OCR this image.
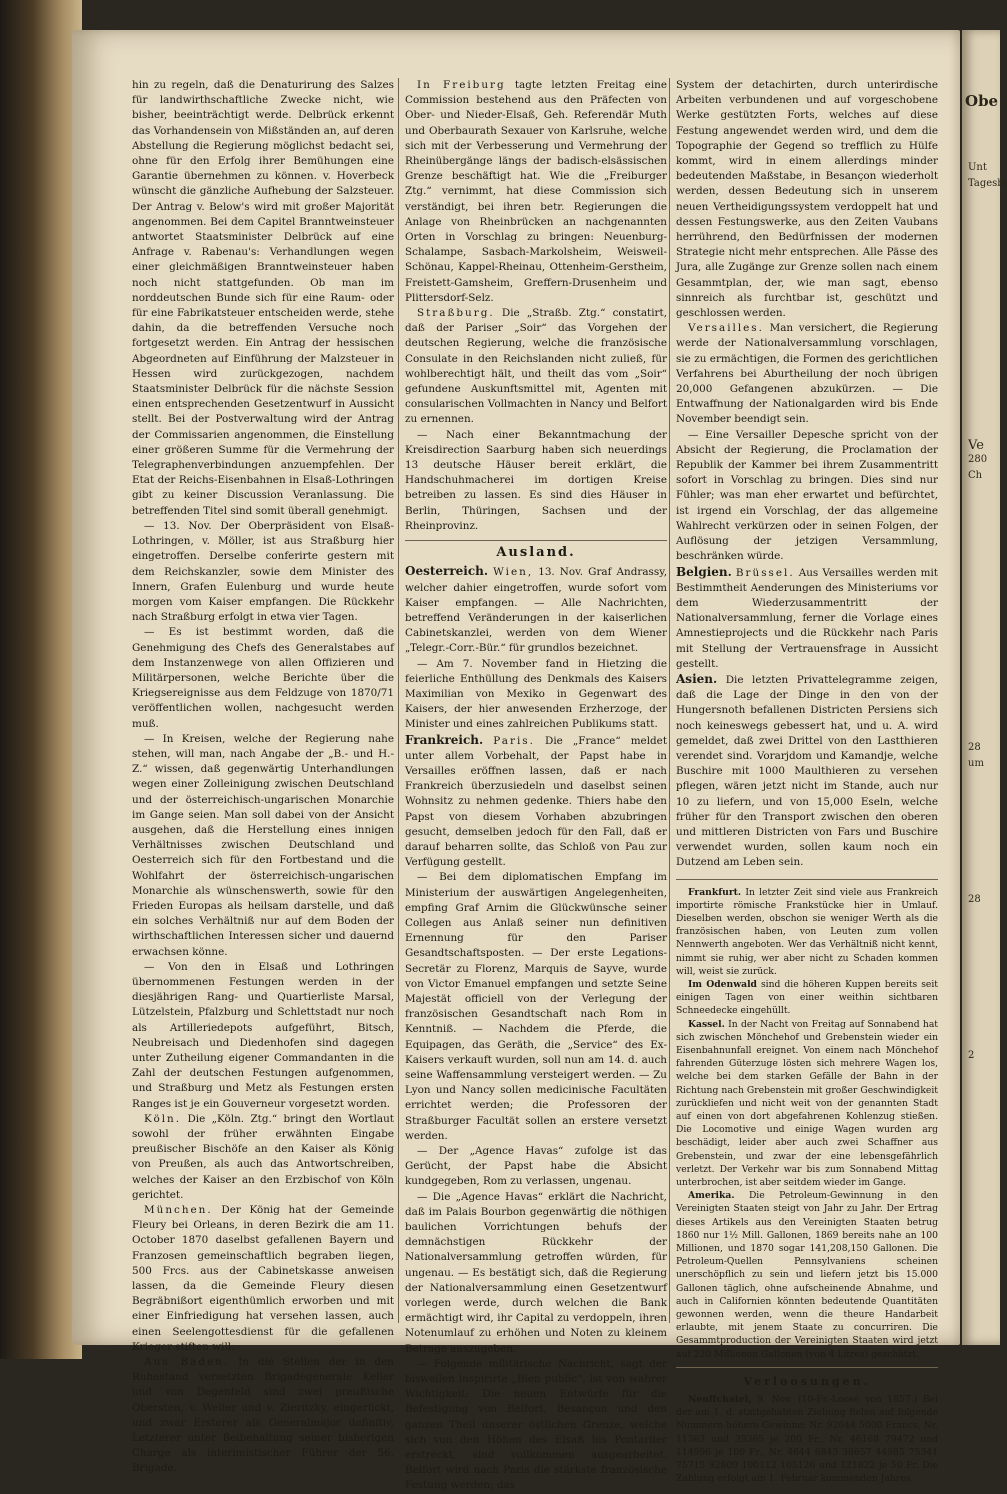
hin zu regeln, daß die Denaturirung des Salzes für landwirthschaftliche Zwecke nicht, wie bisher, beeinträchtigt werde. Delbrück erkennt das Vorhandensein von Mißständen an, auf deren Abstellung die Regierung möglichst bedacht sei, ohne für den Erfolg ihrer Bemühungen eine Garantie übernehmen zu können. v. Hoverbeck wünscht die gänzliche Aufhebung der Salzsteuer. Der Antrag v. Below's wird mit großer Majorität angenommen. Bei dem Capitel Branntweinsteuer antwortet Staatsminister Delbrück auf eine Anfrage v. Rabenau's: Verhandlungen wegen einer gleichmäßigen Branntweinsteuer haben noch nicht stattgefunden. Ob man im norddeutschen Bunde sich für eine Raum- oder für eine Fabrikatsteuer entscheiden werde, stehe dahin, da die betreffenden Versuche noch fortgesetzt werden. Ein Antrag der hessischen Abgeordneten auf Einführung der Malzsteuer in Hessen wird zurückgezogen, nachdem Staatsminister Delbrück für die nächste Session einen entsprechenden Gesetzentwurf in Aussicht stellt. Bei der Postverwaltung wird der Antrag der Commissarien angenommen, die Einstellung einer größeren Summe für die Vermehrung der Telegraphenverbindungen anzuempfehlen. Der Etat der Reichs-Eisenbahnen in Elsaß-Lothringen gibt zu keiner Discussion Veranlassung. Die betreffenden Titel sind somit überall genehmigt.

— 13. Nov. Der Oberpräsident von Elsaß-Lothringen, v. Möller, ist aus Straßburg hier eingetroffen. Derselbe conferirte gestern mit dem Reichskanzler, sowie dem Minister des Innern, Grafen Eulenburg und wurde heute morgen vom Kaiser empfangen. Die Rückkehr nach Straßburg erfolgt in etwa vier Tagen.

— Es ist bestimmt worden, daß die Genehmigung des Chefs des Generalstabes auf dem Instanzenwege von allen Offizieren und Militärpersonen, welche Berichte über die Kriegsereignisse aus dem Feldzuge von 1870/71 veröffentlichen wollen, nachgesucht werden muß.

— In Kreisen, welche der Regierung nahe stehen, will man, nach Angabe der „B.- und H.-Z.“ wissen, daß gegenwärtig Unterhandlungen wegen einer Zolleinigung zwischen Deutschland und der österreichisch-ungarischen Monarchie im Gange seien. Man soll dabei von der Ansicht ausgehen, daß die Herstellung eines innigen Verhältnisses zwischen Deutschland und Oesterreich sich für den Fortbestand und die Wohlfahrt der österreichisch-ungarischen Monarchie als wünschenswerth, sowie für den Frieden Europas als heilsam darstelle, und daß ein solches Verhältniß nur auf dem Boden der wirthschaftlichen Interessen sicher und dauernd erwachsen könne.

— Von den in Elsaß und Lothringen übernommenen Festungen werden in der diesjährigen Rang- und Quartierliste Marsal, Lützelstein, Pfalzburg und Schlettstadt nur noch als Artilleriedepots aufgeführt, Bitsch, Neubreisach und Diedenhofen sind dagegen unter Zutheilung eigener Commandanten in die Zahl der deutschen Festungen aufgenommen, und Straßburg und Metz als Festungen ersten Ranges ist je ein Gouverneur vorgesetzt worden.

Köln. Die „Köln. Ztg.“ bringt den Wortlaut sowohl der früher erwähnten Eingabe preußischer Bischöfe an den Kaiser als König von Preußen, als auch das Antwortschreiben, welches der Kaiser an den Erzbischof von Köln gerichtet.

München. Der König hat der Gemeinde Fleury bei Orleans, in deren Bezirk die am 11. October 1870 daselbst gefallenen Bayern und Franzosen gemeinschaftlich begraben liegen, 500 Frcs. aus der Cabinetskasse anweisen lassen, da die Gemeinde Fleury diesen Begräbnißort eigenthümlich erworben und mit einer Einfriedigung hat versehen lassen, auch einen Seelengottesdienst für die gefallenen Krieger stiften will.

Aus Baden. In die Stellen der in den Ruhestand versetzten Brigadegenerale Keller und von Degenfeld sind zwei preußische Obersten, v. Weller und v. Zieritzky, eingerückt, und zwar Ersterer als Generalmajor definitiv, Letzterer unter Beibehaltung seiner bisherigen Charge als interimistischer Führer der 56. Brigade.

In Freiburg tagte letzten Freitag eine Commission bestehend aus den Präfecten von Ober- und Nieder-Elsaß, Geh. Referendär Muth und Oberbaurath Sexauer von Karlsruhe, welche sich mit der Verbesserung und Vermehrung der Rheinübergänge längs der badisch-elsässischen Grenze beschäftigt hat. Wie die „Freiburger Ztg.“ vernimmt, hat diese Commission sich verständigt, bei ihren betr. Regierungen die Anlage von Rheinbrücken an nachgenannten Orten in Vorschlag zu bringen: Neuenburg-Schalampe, Sasbach-Markolsheim, Weisweil-Schönau, Kappel-Rheinau, Ottenheim-Gerstheim, Freistett-Gamsheim, Greffern-Drusenheim und Plittersdorf-Selz.

Straßburg. Die „Straßb. Ztg.“ constatirt, daß der Pariser „Soir“ das Vorgehen der deutschen Regierung, welche die französische Consulate in den Reichslanden nicht zuließ, für wohlberechtigt hält, und theilt das vom „Soir“ gefundene Auskunftsmittel mit, Agenten mit consularischen Vollmachten in Nancy und Belfort zu ernennen.

— Nach einer Bekanntmachung der Kreisdirection Saarburg haben sich neuerdings 13 deutsche Häuser bereit erklärt, die Handschuhmacherei im dortigen Kreise betreiben zu lassen. Es sind dies Häuser in Berlin, Thüringen, Sachsen und der Rheinprovinz.

Ausland.

Oesterreich. Wien, 13. Nov. Graf Andrassy, welcher dahier eingetroffen, wurde sofort vom Kaiser empfangen. — Alle Nachrichten, betreffend Veränderungen in der kaiserlichen Cabinetskanzlei, werden von dem Wiener „Telegr.-Corr.-Bür.“ für grundlos bezeichnet.

— Am 7. November fand in Hietzing die feierliche Enthüllung des Denkmals des Kaisers Maximilian von Mexiko in Gegenwart des Kaisers, der hier anwesenden Erzherzoge, der Minister und eines zahlreichen Publikums statt.

Frankreich. Paris. Die „France“ meldet unter allem Vorbehalt, der Papst habe in Versailles eröffnen lassen, daß er nach Frankreich überzusiedeln und daselbst seinen Wohnsitz zu nehmen gedenke. Thiers habe den Papst von diesem Vorhaben abzubringen gesucht, demselben jedoch für den Fall, daß er darauf beharren sollte, das Schloß von Pau zur Verfügung gestellt.

— Bei dem diplomatischen Empfang im Ministerium der auswärtigen Angelegenheiten, empfing Graf Arnim die Glückwünsche seiner Collegen aus Anlaß seiner nun definitiven Ernennung für den Pariser Gesandtschaftsposten. — Der erste Legations-Secretär zu Florenz, Marquis de Sayve, wurde von Victor Emanuel empfangen und setzte Seine Majestät officiell von der Verlegung der französischen Gesandtschaft nach Rom in Kenntniß. — Nachdem die Pferde, die Equipagen, das Geräth, die „Service“ des Ex-Kaisers verkauft wurden, soll nun am 14. d. auch seine Waffensammlung versteigert werden. — Zu Lyon und Nancy sollen medicinische Facultäten errichtet werden; die Professoren der Straßburger Facultät sollen an erstere versetzt werden.

— Der „Agence Havas“ zufolge ist das Gerücht, der Papst habe die Absicht kundgegeben, Rom zu verlassen, ungenau.

— Die „Agence Havas“ erklärt die Nachricht, daß im Palais Bourbon gegenwärtig die nöthigen baulichen Vorrichtungen behufs der demnächstigen Rückkehr der Nationalversammlung getroffen würden, für ungenau. — Es bestätigt sich, daß die Regierung der Nationalversammlung einen Gesetzentwurf vorlegen werde, durch welchen die Bank ermächtigt wird, ihr Capital zu verdoppeln, ihren Notenumlauf zu erhöhen und Noten zu kleinem Betrage auszugeben.

— Folgende militärische Nachricht, sagt der bisweilen inspirirte „Bien public“, ist von wahrer Wichtigkeit: Die neuen Entwürfe für die Befestigung von Belfort, Besançon und den ganzen Theil unserer östlichen Grenze, welche sich von den Höhen des Elsaß bis Pontarlier erstreckt, sind vollkommen ausgearbeitet. Belfort wird nach Paris die stärkste französische Festung werden; das

System der detachirten, durch unterirdische Arbeiten verbundenen und auf vorgeschobene Werke gestützten Forts, welches auf diese Festung angewendet werden wird, und dem die Topographie der Gegend so trefflich zu Hülfe kommt, wird in einem allerdings minder bedeutenden Maßstabe, in Besançon wiederholt werden, dessen Bedeutung sich in unserem neuen Vertheidigungssystem verdoppelt hat und dessen Festungswerke, aus den Zeiten Vaubans herrührend, den Bedürfnissen der modernen Strategie nicht mehr entsprechen. Alle Pässe des Jura, alle Zugänge zur Grenze sollen nach einem Gesammtplan, der, wie man sagt, ebenso sinnreich als furchtbar ist, geschützt und geschlossen werden.

Versailles. Man versichert, die Regierung werde der Nationalversammlung vorschlagen, sie zu ermächtigen, die Formen des gerichtlichen Verfahrens bei Aburtheilung der noch übrigen 20,000 Gefangenen abzukürzen. — Die Entwaffnung der Nationalgarden wird bis Ende November beendigt sein.

— Eine Versailler Depesche spricht von der Absicht der Regierung, die Proclamation der Republik der Kammer bei ihrem Zusammentritt sofort in Vorschlag zu bringen. Dies sind nur Fühler; was man eher erwartet und befürchtet, ist irgend ein Vorschlag, der das allgemeine Wahlrecht verkürzen oder in seinen Folgen, der Auflösung der jetzigen Versammlung, beschränken würde.

Belgien. Brüssel. Aus Versailles werden mit Bestimmtheit Aenderungen des Ministeriums vor dem Wiederzusammentritt der Nationalversammlung, ferner die Vorlage eines Amnestieprojects und die Rückkehr nach Paris mit Stellung der Vertrauensfrage in Aussicht gestellt.

Asien. Die letzten Privattelegramme zeigen, daß die Lage der Dinge in den von der Hungersnoth befallenen Districten Persiens sich noch keineswegs gebessert hat, und u. A. wird gemeldet, daß zwei Drittel von den Lastthieren verendet sind. Vorarjdom und Kamandje, welche Buschire mit 1000 Maulthieren zu versehen pflegen, wären jetzt nicht im Stande, auch nur 10 zu liefern, und von 15,000 Eseln, welche früher für den Transport zwischen den oberen und mittleren Districten von Fars und Buschire verwendet wurden, sollen kaum noch ein Dutzend am Leben sein.

Frankfurt. In letzter Zeit sind viele aus Frankreich importirte römische Frankstücke hier in Umlauf. Dieselben werden, obschon sie weniger Werth als die französischen haben, von Leuten zum vollen Nennwerth angeboten. Wer das Verhältniß nicht kennt, nimmt sie ruhig, wer aber nicht zu Schaden kommen will, weist sie zurück.

Im Odenwald sind die höheren Kuppen bereits seit einigen Tagen von einer weithin sichtbaren Schneedecke eingehüllt.

Kassel. In der Nacht von Freitag auf Sonnabend hat sich zwischen Mönchehof und Grebenstein wieder ein Eisenbahnunfall ereignet. Von einem nach Mönchehof fahrenden Güterzuge lösten sich mehrere Wagen los, welche bei dem starken Gefälle der Bahn in der Richtung nach Grebenstein mit großer Geschwindigkeit zurückliefen und nicht weit von der genannten Stadt auf einen von dort abgefahrenen Kohlenzug stießen. Die Locomotive und einige Wagen wurden arg beschädigt, leider aber auch zwei Schaffner aus Grebenstein, und zwar der eine lebensgefährlich verletzt. Der Verkehr war bis zum Sonnabend Mittag unterbrochen, ist aber seitdem wieder im Gange.

Amerika. Die Petroleum-Gewinnung in den Vereinigten Staaten steigt von Jahr zu Jahr. Der Ertrag dieses Artikels aus den Vereinigten Staaten betrug 1860 nur 1½ Mill. Gallonen, 1869 bereits nahe an 100 Millionen, und 1870 sogar 141,208,150 Gallonen. Die Petroleum-Quellen Pennsylvaniens scheinen unerschöpflich zu sein und liefern jetzt bis 15.000 Gallonen täglich, ohne aufscheinende Abnahme, und auch in Californien könnten bedeutende Quantitäten gewonnen werden, wenn die theure Handarbeit erlaubte, mit jenem Staate zu concurriren. Die Gesammtproduction der Vereinigten Staaten wird jetzt auf 220 Millionen Gallonen (von 4 Litres) geschätzt.

Verloosungen.

Neuffchatel, 9. Nov. (10-Fr.-Loose von 1857.) Bei der am 1. d. stattgehabten Ziehung fielen auf folgende Nummern höhere Gewinne: Nr. 92644 5000 Francs, Nr. 11363 und 39365 je 200 Fr., Nr. 46168 79472 und 114996 je 100 Fr., Nr. 4644 6843 38657 44985 75341 75715 92809 100112 105126 und 121822 je 50 Fr. Die Zahlung erfolgt am 1. Februar kommenden Jahres.

Obe
Unt
Tagesbl
Ve
280
Ch
28
um
28
2
